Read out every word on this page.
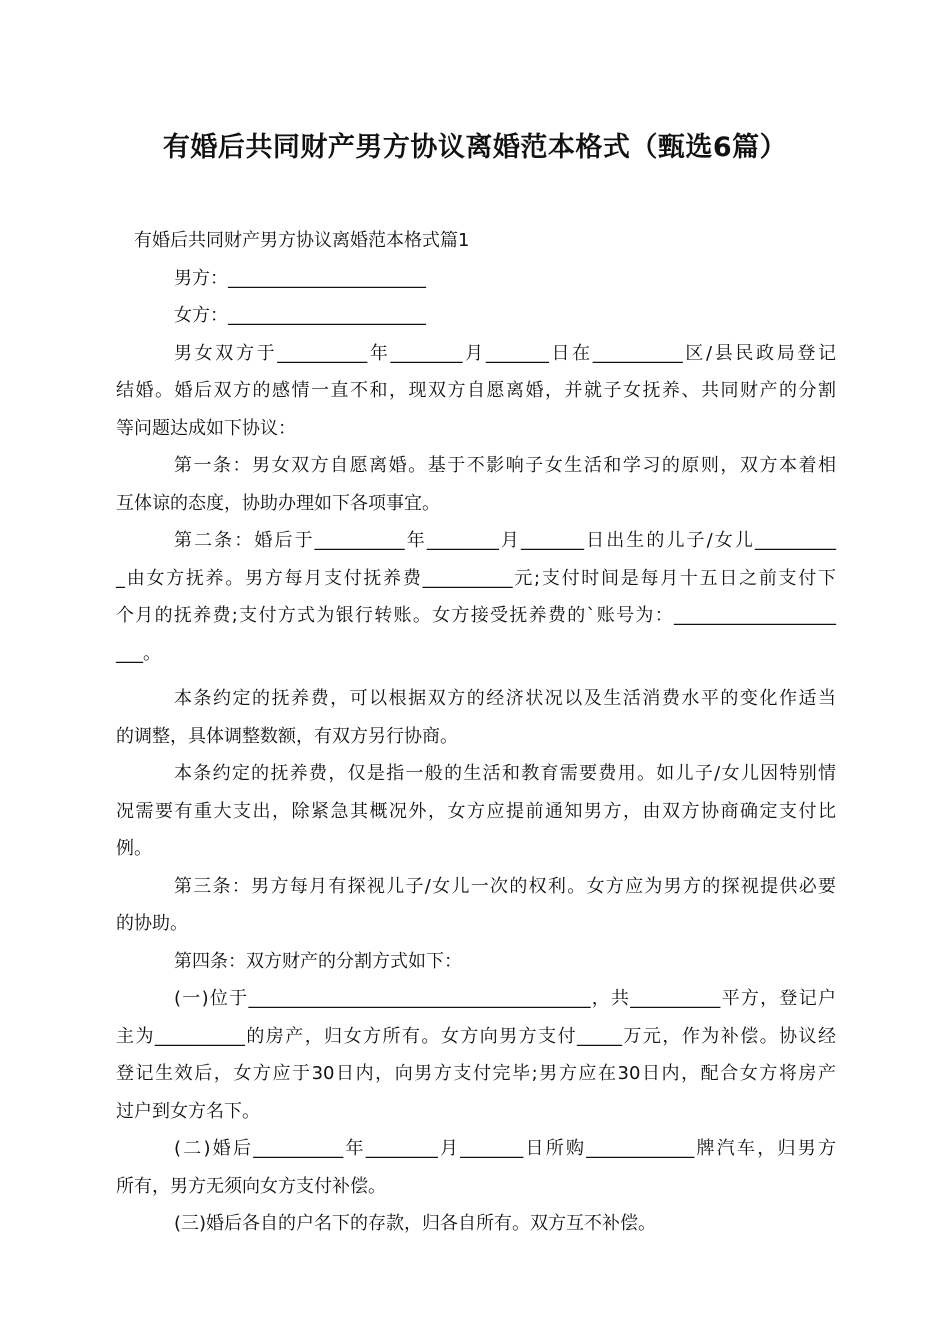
有婚后共同财产男方协议离婚范本格式（甄选6篇）

有婚后共同财产男方协议离婚范本格式篇1

男方：______________________

女方：______________________

男女双方于__________年________月_______日在__________区/县民政局登记

结婚。婚后双方的感情一直不和，现双方自愿离婚，并就子女抚养、共同财产的分割

等问题达成如下协议：

第一条：男女双方自愿离婚。基于不影响子女生活和学习的原则，双方本着相

互体谅的态度，协助办理如下各项事宜。

第二条：婚后于__________年________月_______日出生的儿子/女儿_________

_由女方抚养。男方每月支付抚养费__________元;支付时间是每月十五日之前支付下

个月的抚养费;支付方式为银行转账。女方接受抚养费的`账号为：__________________

___。

本条约定的抚养费，可以根据双方的经济状况以及生活消费水平的变化作适当

的调整，具体调整数额，有双方另行协商。

本条约定的抚养费，仅是指一般的生活和教育需要费用。如儿子/女儿因特别情

况需要有重大支出，除紧急其概况外，女方应提前通知男方，由双方协商确定支付比

例。

第三条：男方每月有探视儿子/女儿一次的权利。女方应为男方的探视提供必要

的协助。

第四条：双方财产的分割方式如下：

(一)位于______________________________________，共__________平方，登记户

主为__________的房产，归女方所有。女方向男方支付_____万元，作为补偿。协议经

登记生效后，女方应于30日内，向男方支付完毕;男方应在30日内，配合女方将房产

过户到女方名下。

(二)婚后__________年________月_______日所购____________牌汽车，归男方

所有，男方无须向女方支付补偿。

(三)婚后各自的户名下的存款，归各自所有。双方互不补偿。
